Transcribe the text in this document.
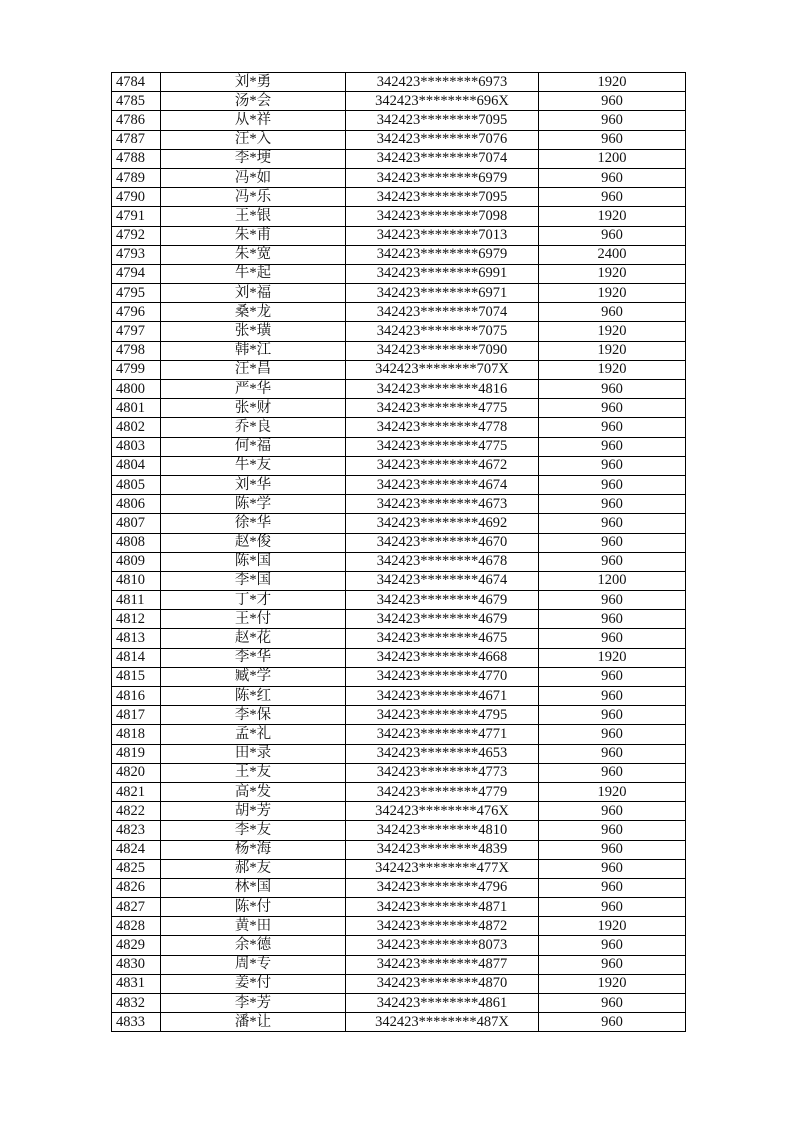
4784	刘*勇	342423********6973	1920
4785	汤*会	342423********696X	960
4786	从*祥	342423********7095	960
4787	汪*入	342423********7076	960
4788	李*埂	342423********7074	1200
4789	冯*如	342423********6979	960
4790	冯*乐	342423********7095	960
4791	王*银	342423********7098	1920
4792	朱*甫	342423********7013	960
4793	朱*宽	342423********6979	2400
4794	牛*起	342423********6991	1920
4795	刘*福	342423********6971	1920
4796	桑*龙	342423********7074	960
4797	张*璜	342423********7075	1920
4798	韩*江	342423********7090	1920
4799	汪*昌	342423********707X	1920
4800	严*华	342423********4816	960
4801	张*财	342423********4775	960
4802	乔*良	342423********4778	960
4803	何*福	342423********4775	960
4804	牛*友	342423********4672	960
4805	刘*华	342423********4674	960
4806	陈*学	342423********4673	960
4807	徐*华	342423********4692	960
4808	赵*俊	342423********4670	960
4809	陈*国	342423********4678	960
4810	李*国	342423********4674	1200
4811	丁*才	342423********4679	960
4812	王*付	342423********4679	960
4813	赵*花	342423********4675	960
4814	李*华	342423********4668	1920
4815	臧*学	342423********4770	960
4816	陈*红	342423********4671	960
4817	李*保	342423********4795	960
4818	孟*礼	342423********4771	960
4819	田*录	342423********4653	960
4820	王*友	342423********4773	960
4821	高*发	342423********4779	1920
4822	胡*芳	342423********476X	960
4823	李*友	342423********4810	960
4824	杨*海	342423********4839	960
4825	郝*友	342423********477X	960
4826	林*国	342423********4796	960
4827	陈*付	342423********4871	960
4828	黄*田	342423********4872	1920
4829	余*德	342423********8073	960
4830	周*专	342423********4877	960
4831	姜*付	342423********4870	1920
4832	李*芳	342423********4861	960
4833	潘*让	342423********487X	960
